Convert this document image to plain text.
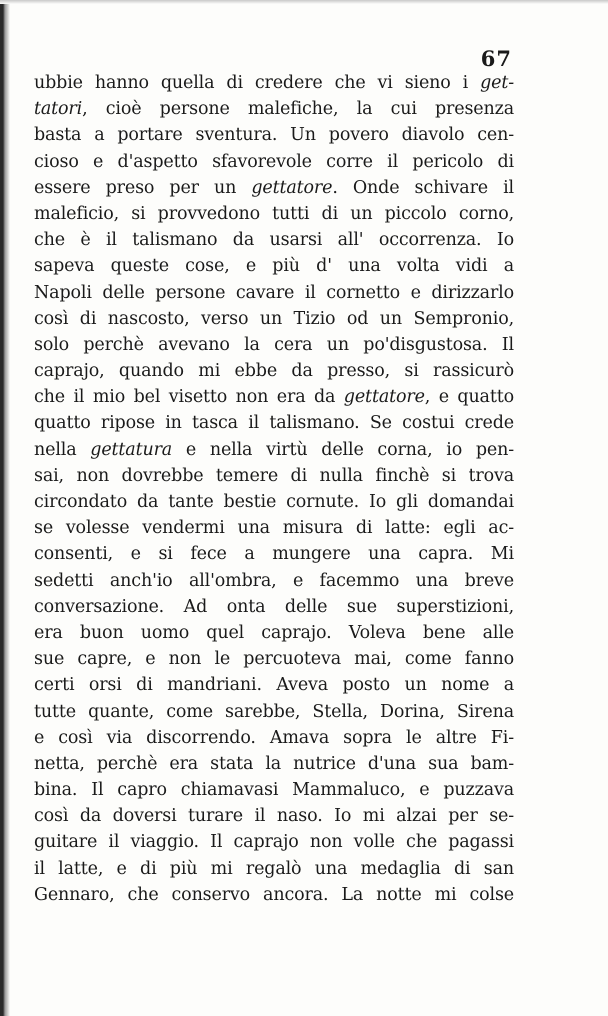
67
ubbie hanno quella di credere che vi sieno i get-
tatori, cioè persone malefiche, la cui presenza
basta a portare sventura. Un povero diavolo cen-
cioso e d'aspetto sfavorevole corre il pericolo di
essere preso per un gettatore. Onde schivare il
maleficio, si provvedono tutti di un piccolo corno,
che è il talismano da usarsi all' occorrenza. Io
sapeva queste cose, e più d' una volta vidi a
Napoli delle persone cavare il cornetto e dirizzarlo
così di nascosto, verso un Tizio od un Sempronio,
solo perchè avevano la cera un po'disgustosa. Il
caprajo, quando mi ebbe da presso, si rassicurò
che il mio bel visetto non era da gettatore, e quatto
quatto ripose in tasca il talismano. Se costui crede
nella gettatura e nella virtù delle corna, io pen-
sai, non dovrebbe temere di nulla finchè si trova
circondato da tante bestie cornute. Io gli domandai
se volesse vendermi una misura di latte: egli ac-
consenti, e si fece a mungere una capra. Mi
sedetti anch'io all'ombra, e facemmo una breve
conversazione. Ad onta delle sue superstizioni,
era buon uomo quel caprajo. Voleva bene alle
sue capre, e non le percuoteva mai, come fanno
certi orsi di mandriani. Aveva posto un nome a
tutte quante, come sarebbe, Stella, Dorina, Sirena
e così via discorrendo. Amava sopra le altre Fi-
netta, perchè era stata la nutrice d'una sua bam-
bina. Il capro chiamavasi Mammaluco, e puzzava
così da doversi turare il naso. Io mi alzai per se-
guitare il viaggio. Il caprajo non volle che pagassi
il latte, e di più mi regalò una medaglia di san
Gennaro, che conservo ancora. La notte mi colse
